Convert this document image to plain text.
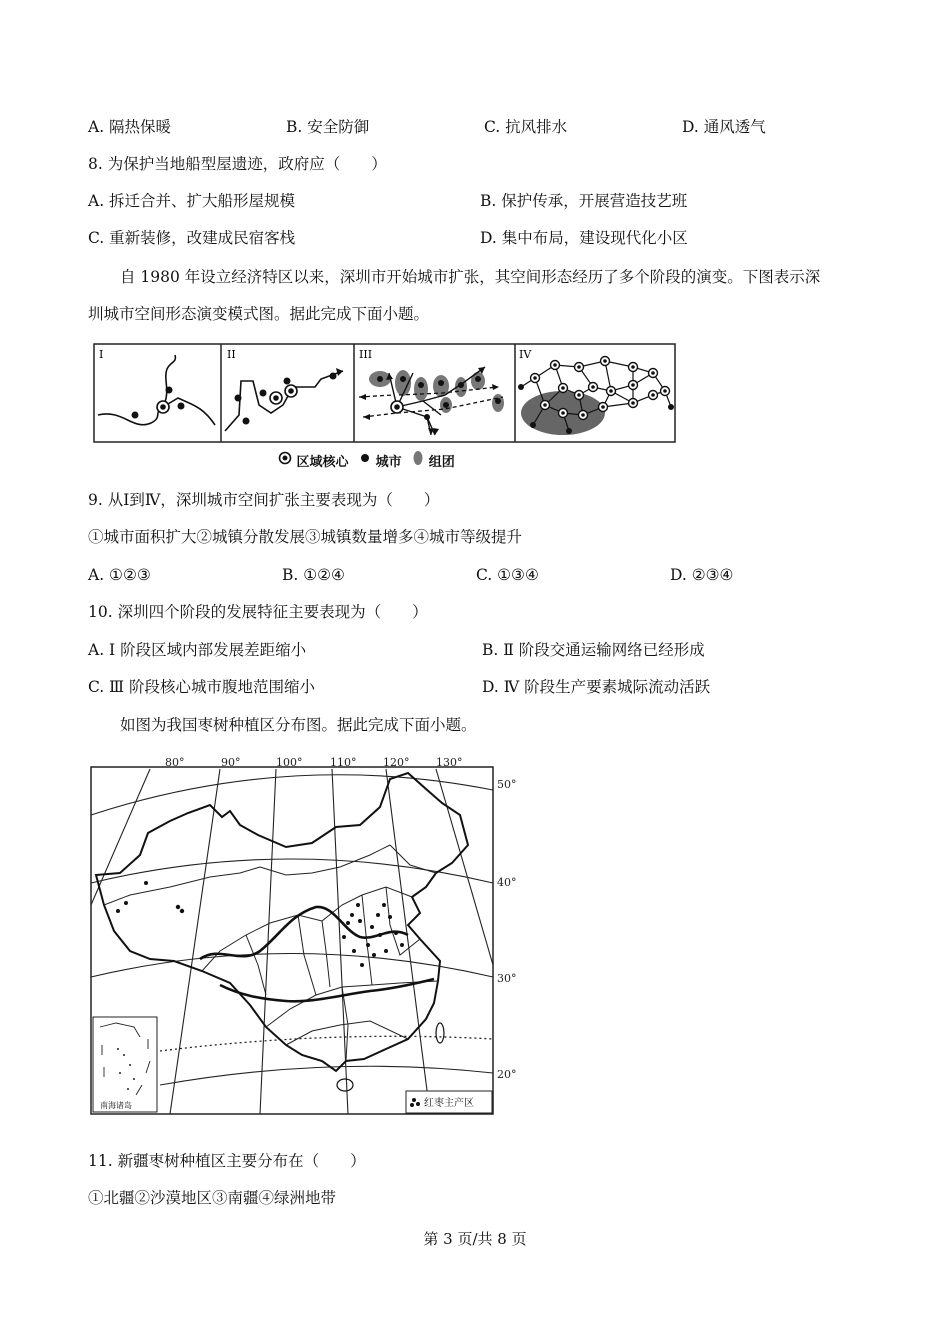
A. 隔热保暖	B. 安全防御	C. 抗风排水	D. 通风透气
8. 为保护当地船型屋遗迹，政府应（　　）
A. 拆迁合并、扩大船形屋规模	B. 保护传承，开展营造技艺班
C. 重新装修，改建成民宿客栈	D. 集中布局，建设现代化小区
自 1980 年设立经济特区以来，深圳市开始城市扩张，其空间形态经历了多个阶段的演变。下图表示深
圳城市空间形态演变模式图。据此完成下面小题。
I	II	III	IV
区域核心 城市 组团
9. 从Ⅰ到Ⅳ，深圳城市空间扩张主要表现为（　　）
①城市面积扩大②城镇分散发展③城镇数量增多④城市等级提升
A. ①②③	B. ①②④	C. ①③④	D. ②③④
10. 深圳四个阶段的发展特征主要表现为（　　）
A. Ⅰ 阶段区域内部发展差距缩小	B. Ⅱ 阶段交通运输网络已经形成
C. Ⅲ 阶段核心城市腹地范围缩小	D. Ⅳ 阶段生产要素城际流动活跃
如图为我国枣树种植区分布图。据此完成下面小题。
80°	90°	100°	110° 120° 130°
50°
40°
30°
20°
南海诸岛	红枣主产区
11. 新疆枣树种植区主要分布在（　　）
①北疆②沙漠地区③南疆④绿洲地带
第 3 页/共 8 页
